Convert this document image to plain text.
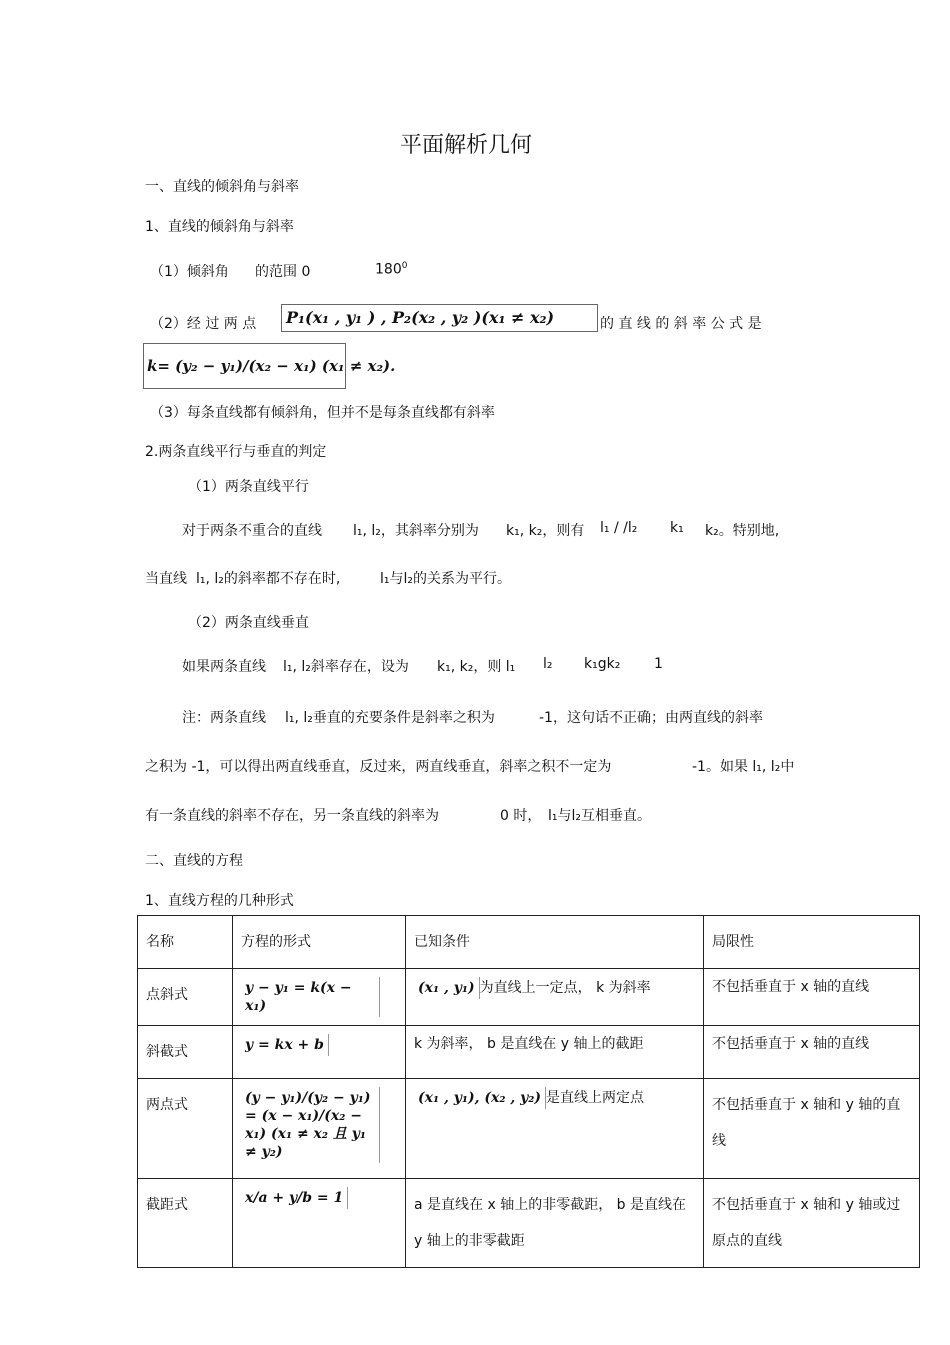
平面解析几何
一、直线的倾斜角与斜率
1、直线的倾斜角与斜率
（1）倾斜角 的范围 0	$180^0$
（2）经 过 两 点	P₁(x₁ , y₁ ) , P₂(x₂ , y₂ )(x₁ ≠ x₂)	的 直 线 的 斜 率 公 式 是
k= (y₂ − y₁)/(x₂ − x₁) (x₁ ≠ x₂).
（3）每条直线都有倾斜角，但并不是每条直线都有斜率
2.两条直线平行与垂直的判定
（1）两条直线平行
对于两条不重合的直线 l₁, l₂，其斜率分别为 k₁, k₂，则有 l₁ / /l₂ k₁ k₂。特别地,
当直线 l₁, l₂的斜率都不存在时,	l₁与l₂的关系为平行。
（2）两条直线垂直
如果两条直线 l₁, l₂斜率存在，设为 k₁, k₂，则 l₁ l₂ k₁gk₂ 1
注：两条直线 l₁, l₂垂直的充要条件是斜率之积为	-1，这句话不正确；由两直线的斜率
之积为 -1，可以得出两直线垂直，反过来，两直线垂直，斜率之积不一定为	-1。如果 l₁, l₂中
有一条直线的斜率不存在，另一条直线的斜率为	0 时， l₁与l₂互相垂直。
二、直线的方程
1、直线方程的几种形式
名称	方程的形式	已知条件	局限性
点斜式	y − y₁ = k(x − x₁)	(x₁ , y₁) 为直线上一定点， k 为斜率	不包括垂直于 x 轴的直线
斜截式	y = kx + b	k 为斜率， b 是直线在 y 轴上的截距	不包括垂直于 x 轴的直线
两点式	(y − y₁)/(y₂ − y₁) = (x − x₁)/(x₂ − x₁) (x₁ ≠ x₂ 且 y₁ ≠ y₂)	(x₁ , y₁), (x₂ , y₂) 是直线上两定点	不包括垂直于 x 轴和 y 轴的直线
截距式	x/a + y/b = 1	a 是直线在 x 轴上的非零截距， b 是直线在 y 轴上的非零截距	不包括垂直于 x 轴和 y 轴或过原点的直线
